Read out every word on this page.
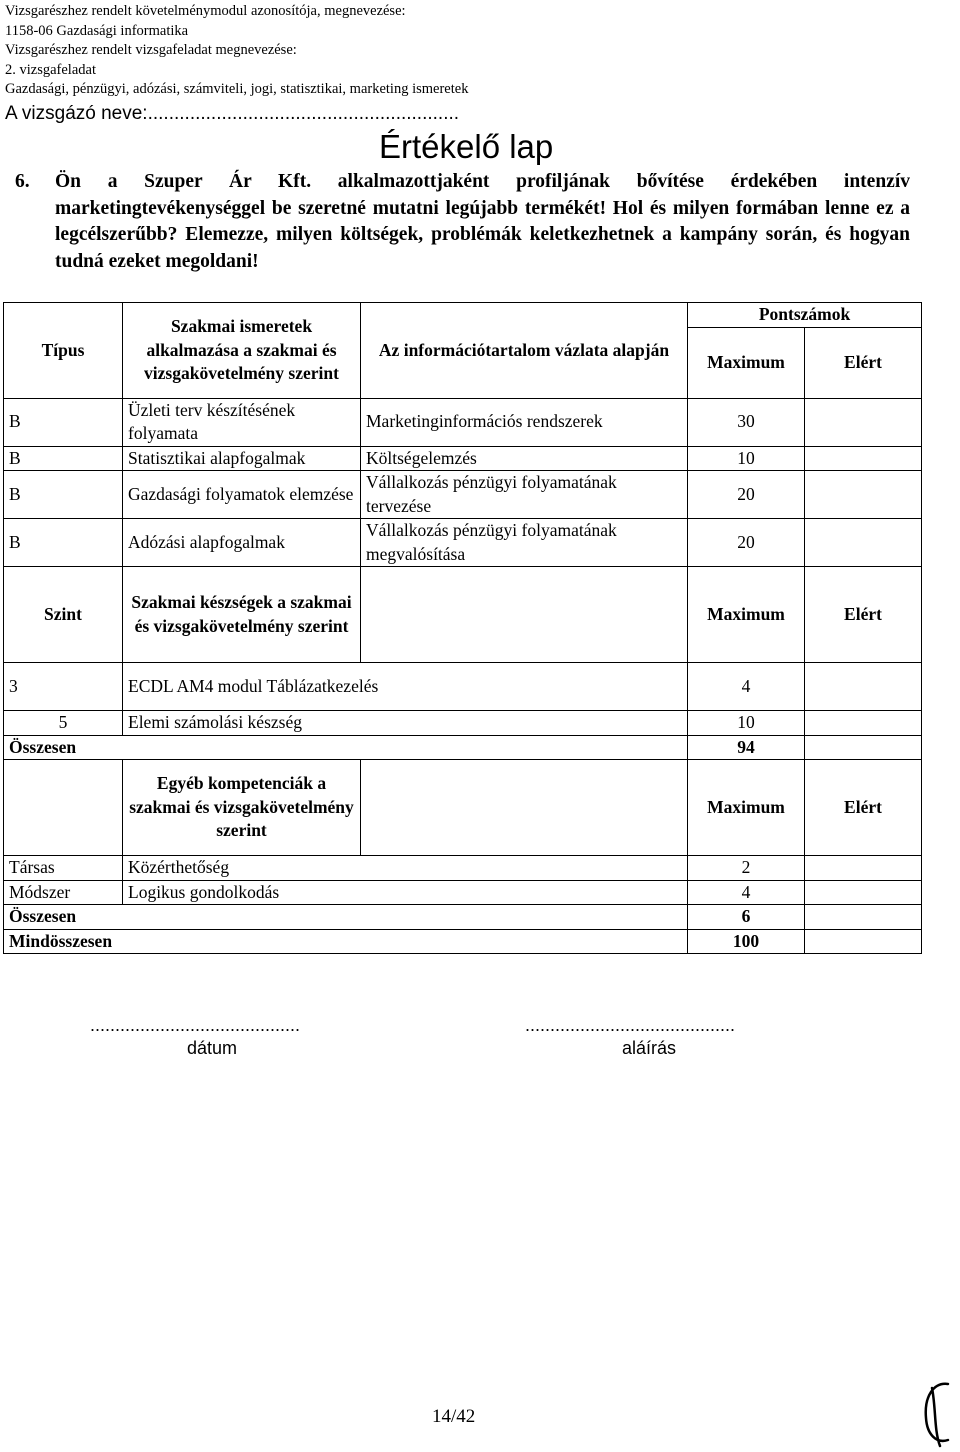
Vizsgarészhez rendelt követelménymodul azonosítója, megnevezése:
1158-06 Gazdasági informatika
Vizsgarészhez rendelt vizsgafeladat megnevezése:
2. vizsgafeladat
Gazdasági, pénzügyi, adózási, számviteli, jogi, statisztikai, marketing ismeretek
A vizsgázó neve:...........................................................
Értékelő lap
6.	Ön a Szuper Ár Kft. alkalmazottjaként profiljának bővítése érdekében intenzív marketingtevékenységgel be szeretné mutatni legújabb termékét! Hol és milyen formában lenne ez a legcélszerűbb? Elemezze, milyen költségek, problémák keletkezhetnek a kampány során, és hogyan tudná ezeket megoldani!
Típus	Szakmai ismeretek alkalmazása a szakmai és vizsgakövetelmény szerint	Az információtartalom vázlata alapján	Pontszámok	
			Maximum	Elért
B	Üzleti terv készítésének folyamata	Marketinginformációs rendszerek	30	
B	Statisztikai alapfogalmak	Költségelemzés	10	
B	Gazdasági folyamatok elemzése	Vállalkozás pénzügyi folyamatának tervezése	20	
B	Adózási alapfogalmak	Vállalkozás pénzügyi folyamatának megvalósítása	20	
Szint	Szakmai készségek a szakmai és vizsgakövetelmény szerint		Maximum	Elért
3	ECDL AM4 modul Táblázatkezelés		4	
5	Elemi számolási készség		10	
Összesen			94	
	Egyéb kompetenciák a szakmai és vizsgakövetelmény szerint		Maximum	Elért
Társas	Közérthetőség		2	
Módszer	Logikus gondolkodás		4	
Összesen			6	
Mindösszesen			100	
..........................................
dátum
..........................................
aláírás
14/42
